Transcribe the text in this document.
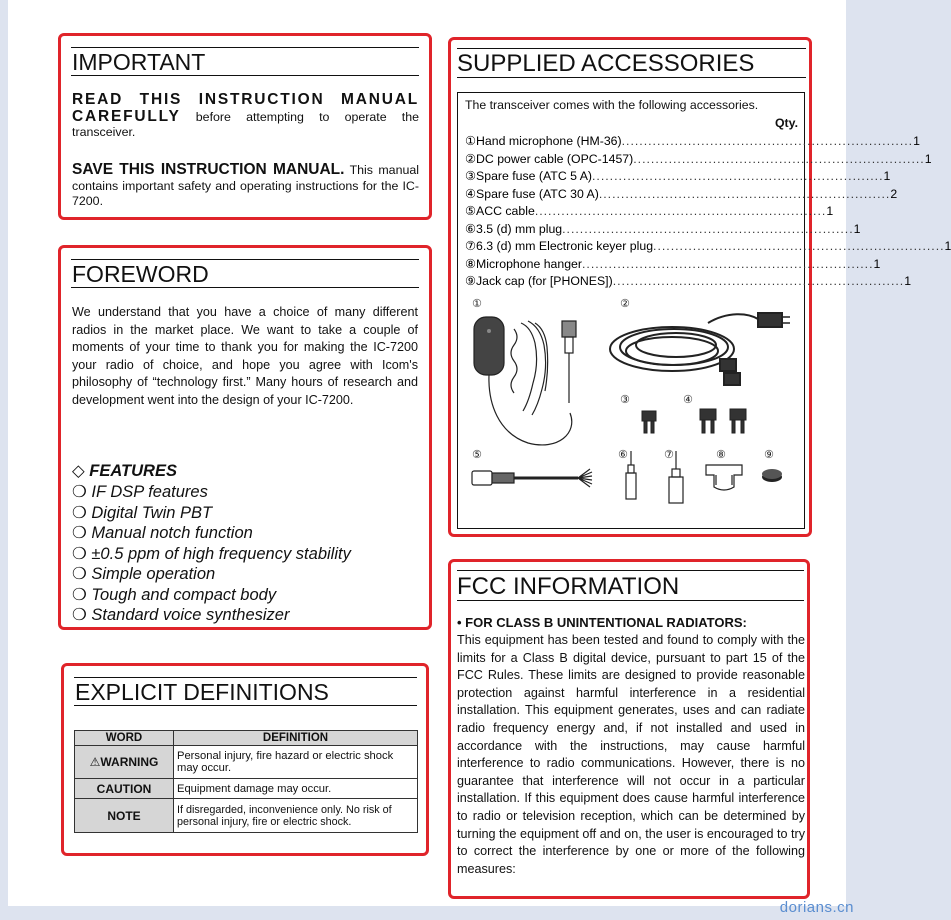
IMPORTANT
READ THIS INSTRUCTION MANUAL CAREFULLY before attempting to operate the transceiver.
SAVE THIS INSTRUCTION MANUAL. This manual contains important safety and operating instructions for the IC-7200.
FOREWORD
We understand that you have a choice of many different radios in the market place. We want to take a couple of moments of your time to thank you for making the IC-7200 your radio of choice, and hope you agree with Icom's philosophy of “technology first.” Many hours of research and development went into the design of your IC-7200.
◇ FEATURES
❍ IF DSP features
❍ Digital Twin PBT
❍ Manual notch function
❍ ±0.5 ppm of high frequency stability
❍ Simple operation
❍ Tough and compact body
❍ Standard voice synthesizer
EXPLICIT DEFINITIONS
WORD	DEFINITION
⚠WARNING	Personal injury, fire hazard or electric shock may occur.
CAUTION	Equipment damage may occur.
NOTE	If disregarded, inconvenience only. No risk of personal injury, fire or electric shock.
SUPPLIED ACCESSORIES
The transceiver comes with the following accessories.
Qty.
① Hand microphone (HM-36) .................................................................. 1
② DC power cable (OPC-1457) .................................................................. 1
③ Spare fuse (ATC 5 A) .................................................................. 1
④ Spare fuse (ATC 30 A) .................................................................. 2
⑤ ACC cable .................................................................. 1
⑥ 3.5 (d) mm plug .................................................................. 1
⑦ 6.3 (d) mm Electronic keyer plug .................................................................. 1
⑧ Microphone hanger .................................................................. 1
⑨ Jack cap (for [PHONES]) .................................................................. 1
①	②
③	④
⑤	⑥	⑦	⑧	⑨
FCC INFORMATION
• FOR CLASS B UNINTENTIONAL RADIATORS:
This equipment has been tested and found to comply with the limits for a Class B digital device, pursuant to part 15 of the FCC Rules. These limits are designed to provide reasonable protection against harmful interference in a residential installation. This equipment generates, uses and can radiate radio frequency energy and, if not installed and used in accordance with the instructions, may cause harmful interference to radio communications. However, there is no guarantee that interference will not occur in a particular installation. If this equipment does cause harmful interference to radio or television reception, which can be determined by turning the equipment off and on, the user is encouraged to try to correct the interference by one or more of the following measures:
dorians.cn
